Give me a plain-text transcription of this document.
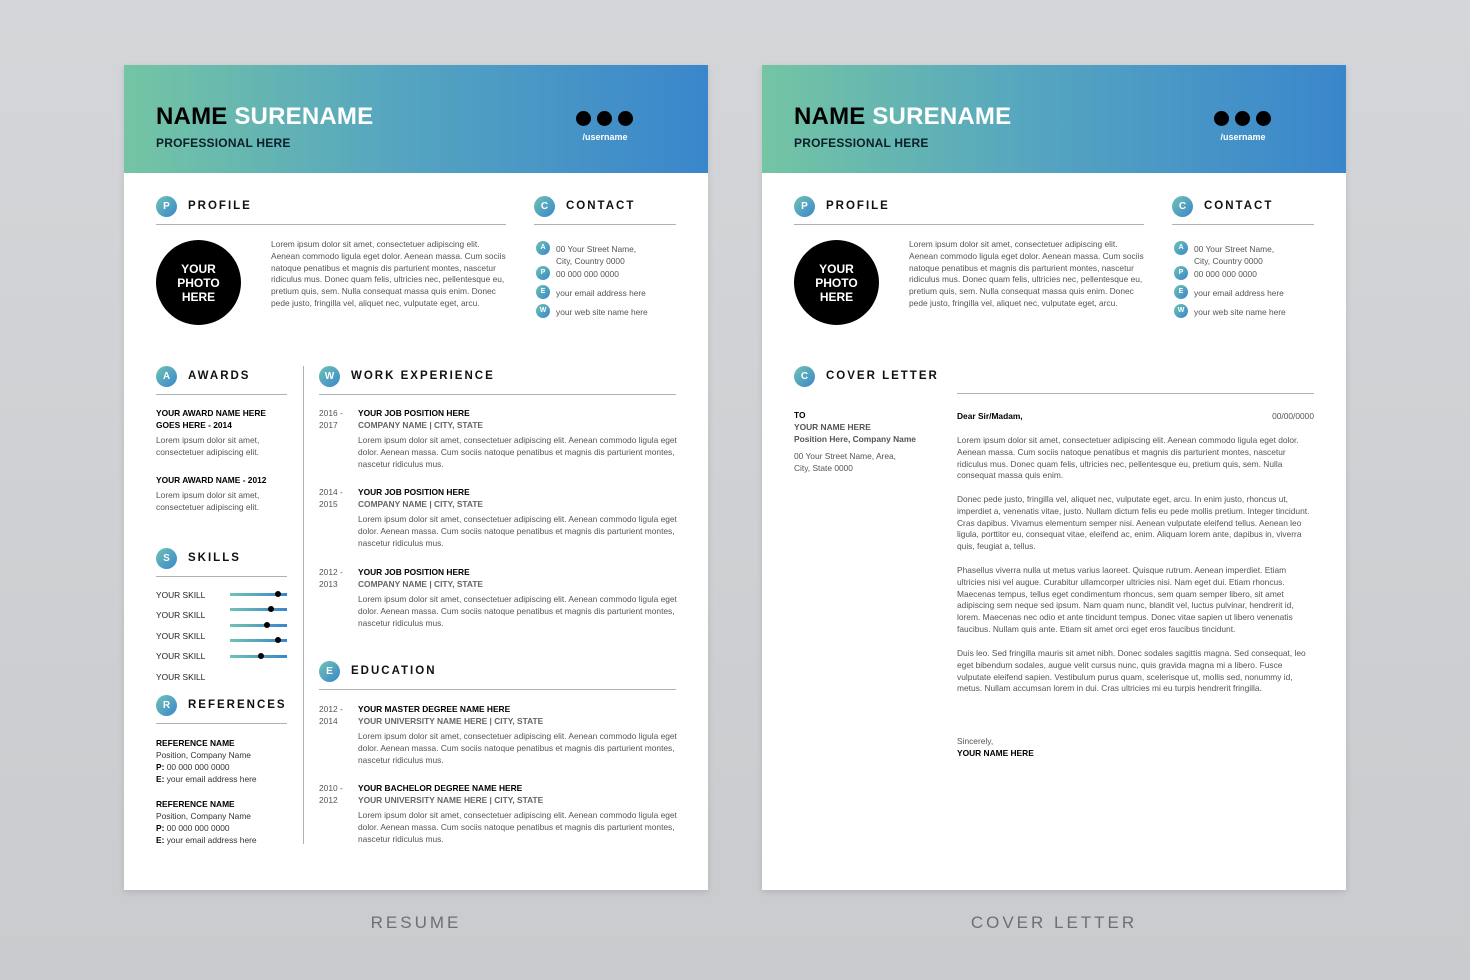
NAME SURENAME
PROFESSIONAL HERE	/username
P	PROFILE
YOUR PHOTO HERE
Lorem ipsum dolor sit amet, consectetuer adipiscing elit. Aenean commodo ligula eget dolor. Aenean massa. Cum sociis natoque penatibus et magnis dis parturient montes, nascetur ridiculus mus. Donec quam felis, ultricies nec, pellentesque eu, pretium quis, sem. Nulla consequat massa quis enim. Donec pede justo, fringilla vel, aliquet nec, vulputate eget, arcu.
C	CONTACT
A	00 Your Street Name,
City, Country 0000
P	00 000 000 0000
E	your email address here
W	your web site name here
A	AWARDS
YOUR AWARD NAME HERE
GOES HERE - 2014
Lorem ipsum dolor sit amet,
consectetuer adipiscing elit.
YOUR AWARD NAME - 2012
Lorem ipsum dolor sit amet,
consectetuer adipiscing elit.
S	SKILLS
YOUR SKILL
YOUR SKILL
YOUR SKILL
YOUR SKILL
YOUR SKILL
R	REFERENCES
REFERENCE NAME
Position, Company Name
P: 00 000 000 0000
E: your email address here
REFERENCE NAME
Position, Company Name
P: 00 000 000 0000
E: your email address here
W	WORK EXPERIENCE
2016 -
2017
YOUR JOB POSITION HERE
COMPANY NAME | CITY, STATE
Lorem ipsum dolor sit amet, consectetuer adipiscing elit. Aenean commodo ligula eget dolor. Aenean massa. Cum sociis natoque penatibus et magnis dis parturient montes, nascetur ridiculus mus.
2014 -
2015
YOUR JOB POSITION HERE
COMPANY NAME | CITY, STATE
Lorem ipsum dolor sit amet, consectetuer adipiscing elit. Aenean commodo ligula eget dolor. Aenean massa. Cum sociis natoque penatibus et magnis dis parturient montes, nascetur ridiculus mus.
2012 -
2013
YOUR JOB POSITION HERE
COMPANY NAME | CITY, STATE
Lorem ipsum dolor sit amet, consectetuer adipiscing elit. Aenean commodo ligula eget dolor. Aenean massa. Cum sociis natoque penatibus et magnis dis parturient montes, nascetur ridiculus mus.
E	EDUCATION
2012 -
2014
YOUR MASTER DEGREE NAME HERE
YOUR UNIVERSITY NAME HERE | CITY, STATE
Lorem ipsum dolor sit amet, consectetuer adipiscing elit. Aenean commodo ligula eget dolor. Aenean massa. Cum sociis natoque penatibus et magnis dis parturient montes, nascetur ridiculus mus.
2010 -
2012
YOUR BACHELOR DEGREE NAME HERE
YOUR UNIVERSITY NAME HERE | CITY, STATE
Lorem ipsum dolor sit amet, consectetuer adipiscing elit. Aenean commodo ligula eget dolor. Aenean massa. Cum sociis natoque penatibus et magnis dis parturient montes, nascetur ridiculus mus.
NAME SURENAME
PROFESSIONAL HERE	/username
P	PROFILE
YOUR PHOTO HERE
Lorem ipsum dolor sit amet, consectetuer adipiscing elit. Aenean commodo ligula eget dolor. Aenean massa. Cum sociis natoque penatibus et magnis dis parturient montes, nascetur ridiculus mus. Donec quam felis, ultricies nec, pellentesque eu, pretium quis, sem. Nulla consequat massa quis enim. Donec pede justo, fringilla vel, aliquet nec, vulputate eget, arcu.
C	CONTACT
A	00 Your Street Name,
City, Country 0000
P	00 000 000 0000
E	your email address here
W	your web site name here
C	COVER LETTER
TO
YOUR NAME HERE
Position Here, Company Name
00 Your Street Name, Area,
City, State 0000
Dear Sir/Madam,	00/00/0000
Lorem ipsum dolor sit amet, consectetuer adipiscing elit. Aenean commodo ligula eget dolor. Aenean massa. Cum sociis natoque penatibus et magnis dis parturient montes, nascetur ridiculus mus. Donec quam felis, ultricies nec, pellentesque eu, pretium quis, sem. Nulla consequat massa quis enim.
Donec pede justo, fringilla vel, aliquet nec, vulputate eget, arcu. In enim justo, rhoncus ut, imperdiet a, venenatis vitae, justo. Nullam dictum felis eu pede mollis pretium. Integer tincidunt. Cras dapibus. Vivamus elementum semper nisi. Aenean vulputate eleifend tellus. Aenean leo ligula, porttitor eu, consequat vitae, eleifend ac, enim. Aliquam lorem ante, dapibus in, viverra quis, feugiat a, tellus.
Phasellus viverra nulla ut metus varius laoreet. Quisque rutrum. Aenean imperdiet. Etiam ultricies nisi vel augue. Curabitur ullamcorper ultricies nisi. Nam eget dui. Etiam rhoncus. Maecenas tempus, tellus eget condimentum rhoncus, sem quam semper libero, sit amet adipiscing sem neque sed ipsum. Nam quam nunc, blandit vel, luctus pulvinar, hendrerit id, lorem. Maecenas nec odio et ante tincidunt tempus. Donec vitae sapien ut libero venenatis faucibus. Nullam quis ante. Etiam sit amet orci eget eros faucibus tincidunt.
Duis leo. Sed fringilla mauris sit amet nibh. Donec sodales sagittis magna. Sed consequat, leo eget bibendum sodales, augue velit cursus nunc, quis gravida magna mi a libero. Fusce vulputate eleifend sapien. Vestibulum purus quam, scelerisque ut, mollis sed, nonummy id, metus. Nullam accumsan lorem in dui. Cras ultricies mi eu turpis hendrerit fringilla.
Sincerely,
YOUR NAME HERE
RESUME	COVER LETTER
